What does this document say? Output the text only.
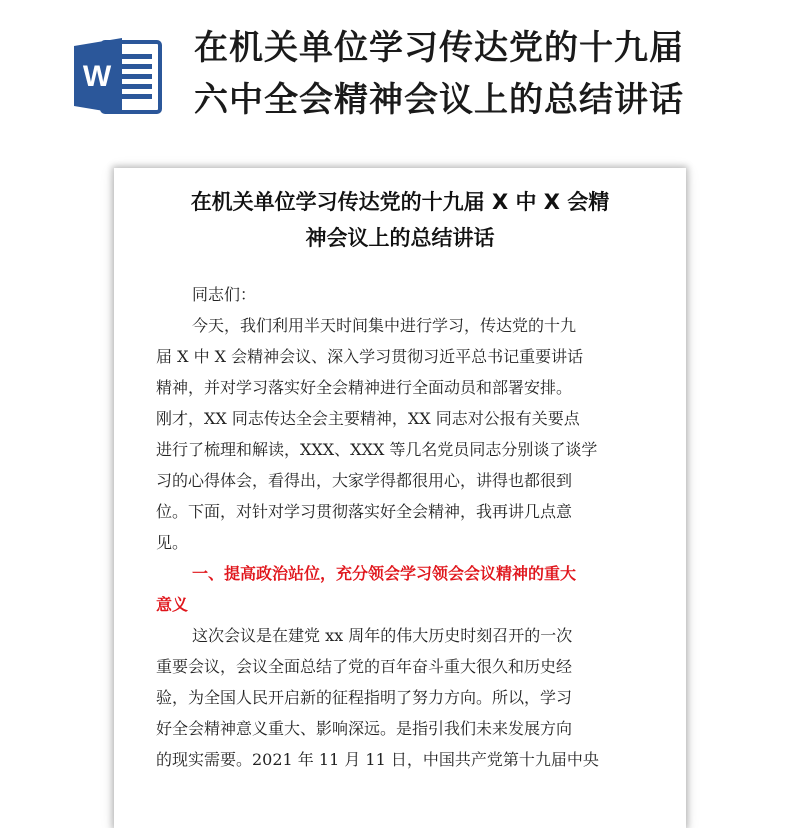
W
在机关单位学习传达党的十九届
六中全会精神会议上的总结讲话
在机关单位学习传达党的十九届 X 中 X 会精
神会议上的总结讲话
同志们：
今天，我们利用半天时间集中进行学习，传达党的十九
届 X 中 X 会精神会议、深入学习贯彻习近平总书记重要讲话
精神，并对学习落实好全会精神进行全面动员和部署安排。
刚才，XX 同志传达全会主要精神，XX 同志对公报有关要点
进行了梳理和解读，XXX、XXX 等几名党员同志分别谈了谈学
习的心得体会，看得出，大家学得都很用心，讲得也都很到
位。下面，对针对学习贯彻落实好全会精神，我再讲几点意
见。
一、提高政治站位，充分领会学习领会会议精神的重大
意义
这次会议是在建党 xx 周年的伟大历史时刻召开的一次
重要会议，会议全面总结了党的百年奋斗重大很久和历史经
验，为全国人民开启新的征程指明了努力方向。所以，学习
好全会精神意义重大、影响深远。是指引我们未来发展方向
的现实需要。2021 年 11 月 11 日，中国共产党第十九届中央
